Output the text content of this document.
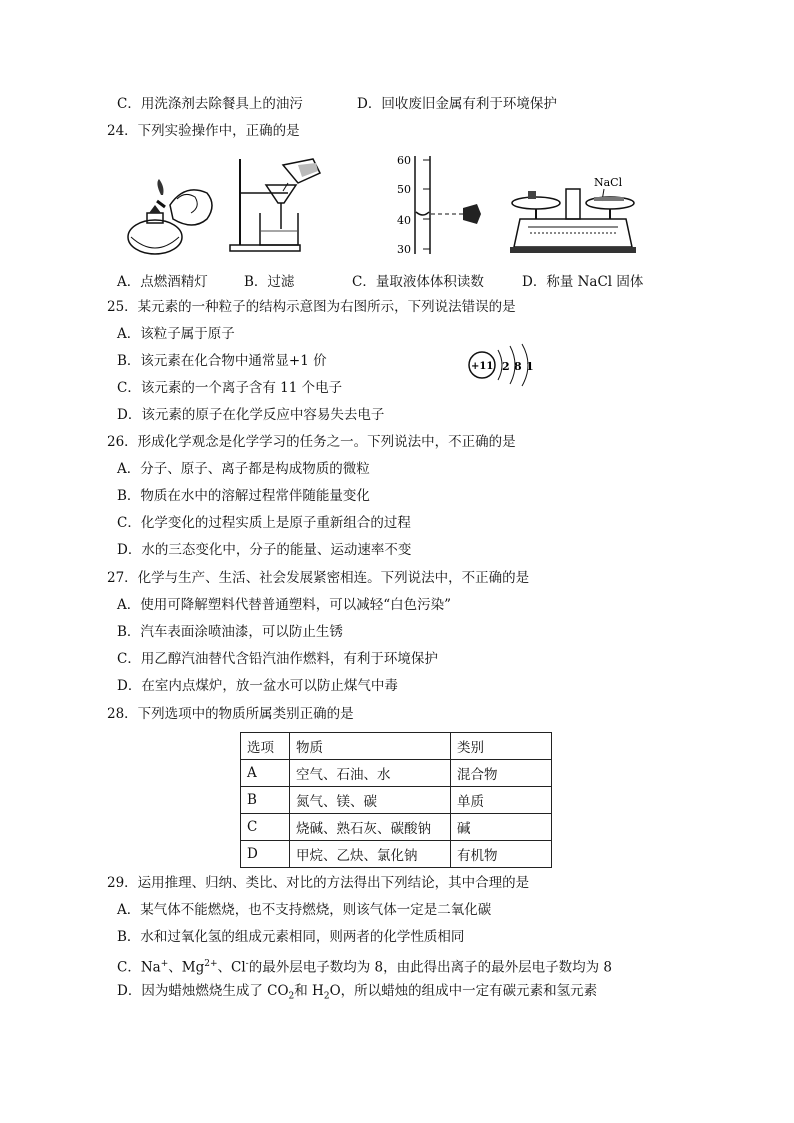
C．用洗涤剂去除餐具上的油污	D．回收废旧金属有利于环境保护
24．下列实验操作中，正确的是
60
50
40
30
NaCl
A．点燃酒精灯	B．过滤	C．量取液体体积读数	D．称量 NaCl 固体
25．某元素的一种粒子的结构示意图为右图所示，下列说法错误的是
A．该粒子属于原子
B．该元素在化合物中通常显+1 价
C．该元素的一个离子含有 11 个电子
D．该元素的原子在化学反应中容易失去电子
+11 2 8 1
26．形成化学观念是化学学习的任务之一。下列说法中，不正确的是
A．分子、原子、离子都是构成物质的微粒
B．物质在水中的溶解过程常伴随能量变化
C．化学变化的过程实质上是原子重新组合的过程
D．水的三态变化中，分子的能量、运动速率不变
27．化学与生产、生活、社会发展紧密相连。下列说法中，不正确的是
A．使用可降解塑料代替普通塑料，可以减轻“白色污染”
B．汽车表面涂喷油漆，可以防止生锈
C．用乙醇汽油替代含铅汽油作燃料，有利于环境保护
D．在室内点煤炉，放一盆水可以防止煤气中毒
28．下列选项中的物质所属类别正确的是
选项	物质	类别
A	空气、石油、水	混合物
B	氮气、镁、碳	单质
C	烧碱、熟石灰、碳酸钠	碱
D	甲烷、乙炔、氯化钠	有机物
29．运用推理、归纳、类比、对比的方法得出下列结论，其中合理的是
A．某气体不能燃烧，也不支持燃烧，则该气体一定是二氧化碳
B．水和过氧化氢的组成元素相同，则两者的化学性质相同
C．Na+、$Mg^{2+}$、Cl-的最外层电子数均为 8，由此得出离子的最外层电子数均为 8
D．因为蜡烛燃烧生成了 $CO_2$和 $H_2O$，所以蜡烛的组成中一定有碳元素和氢元素
